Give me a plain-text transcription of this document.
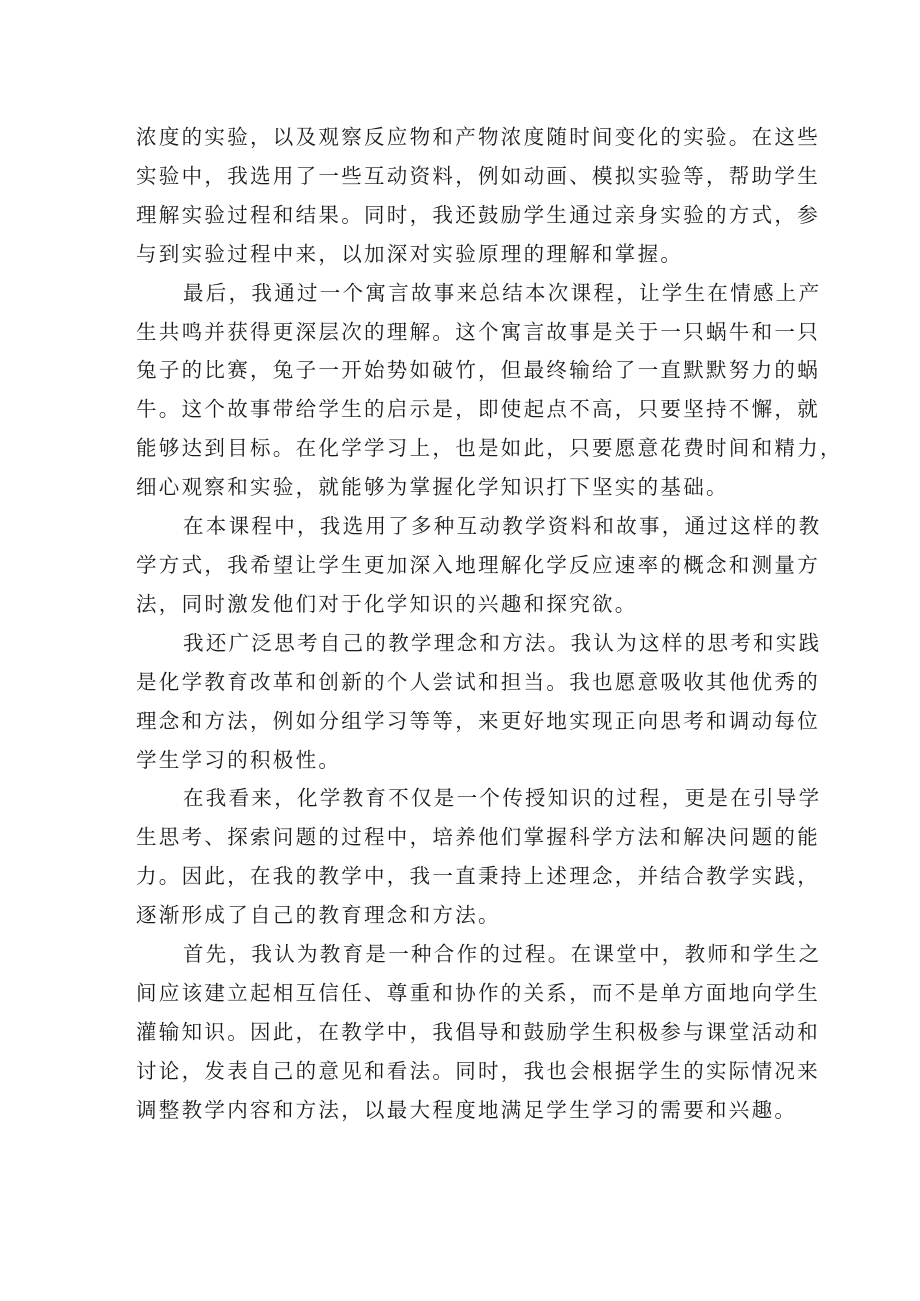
浓度的实验，以及观察反应物和产物浓度随时间变化的实验。在这些
实验中，我选用了一些互动资料，例如动画、模拟实验等，帮助学生
理解实验过程和结果。同时，我还鼓励学生通过亲身实验的方式，参
与到实验过程中来，以加深对实验原理的理解和掌握。
最后，我通过一个寓言故事来总结本次课程，让学生在情感上产
生共鸣并获得更深层次的理解。这个寓言故事是关于一只蜗牛和一只
兔子的比赛，兔子一开始势如破竹，但最终输给了一直默默努力的蜗
牛。这个故事带给学生的启示是，即使起点不高，只要坚持不懈，就
能够达到目标。在化学学习上，也是如此，只要愿意花费时间和精力，
细心观察和实验，就能够为掌握化学知识打下坚实的基础。
在本课程中，我选用了多种互动教学资料和故事，通过这样的教
学方式，我希望让学生更加深入地理解化学反应速率的概念和测量方
法，同时激发他们对于化学知识的兴趣和探究欲。
我还广泛思考自己的教学理念和方法。我认为这样的思考和实践
是化学教育改革和创新的个人尝试和担当。我也愿意吸收其他优秀的
理念和方法，例如分组学习等等，来更好地实现正向思考和调动每位
学生学习的积极性。
在我看来，化学教育不仅是一个传授知识的过程，更是在引导学
生思考、探索问题的过程中，培养他们掌握科学方法和解决问题的能
力。因此，在我的教学中，我一直秉持上述理念，并结合教学实践，
逐渐形成了自己的教育理念和方法。
首先，我认为教育是一种合作的过程。在课堂中，教师和学生之
间应该建立起相互信任、尊重和协作的关系，而不是单方面地向学生
灌输知识。因此，在教学中，我倡导和鼓励学生积极参与课堂活动和
讨论，发表自己的意见和看法。同时，我也会根据学生的实际情况来
调整教学内容和方法，以最大程度地满足学生学习的需要和兴趣。
